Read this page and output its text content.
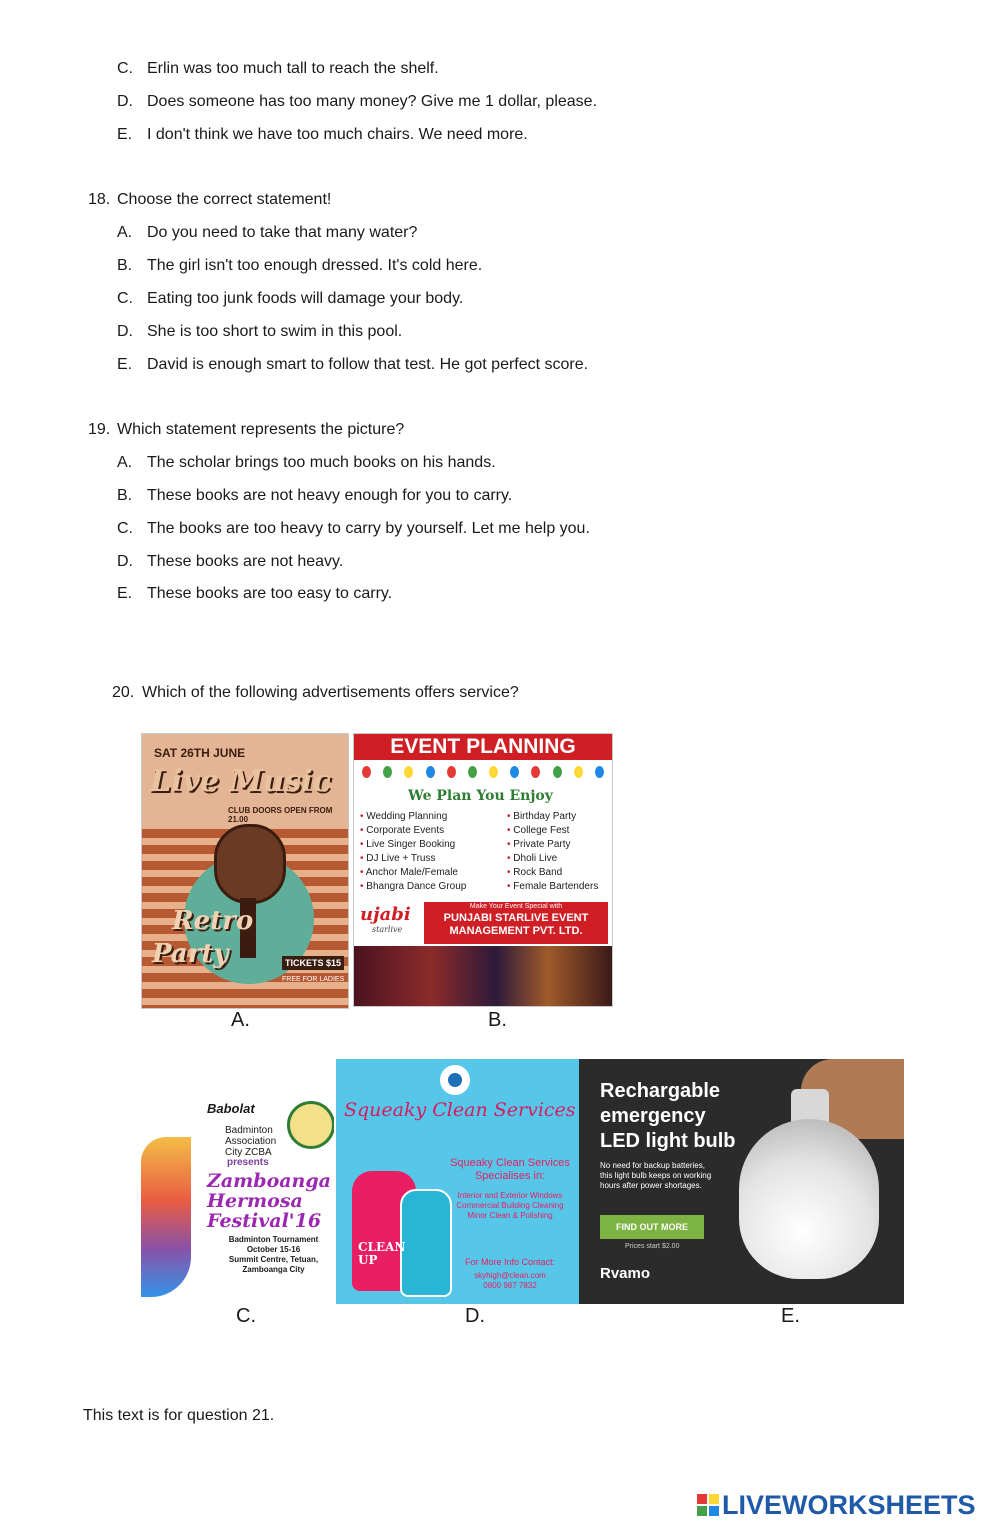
C. Erlin was too much tall to reach the shelf.
D. Does someone has too many money? Give me 1 dollar, please.
E. I don't think we have too much chairs. We need more.
18. Choose the correct statement!
A. Do you need to take that many water?
B. The girl isn't too enough dressed. It's cold here.
C. Eating too junk foods will damage your body.
D. She is too short to swim in this pool.
E. David is enough smart to follow that test. He got perfect score.
19. Which statement represents the picture?
A. The scholar brings too much books on his hands.
B. These books are not heavy enough for you to carry.
C. The books are too heavy to carry by yourself. Let me help you.
D. These books are not heavy.
E. These books are too easy to carry.
20. Which of the following advertisements offers service?
SAT 26TH JUNE
Live Music
CLUB DOORS OPEN FROM 21.00
Retro
Party	TICKETS $15
FREE FOR LADIES
EVENT PLANNING
We Plan You Enjoy
• Wedding Planning
• Corporate Events
• Live Singer Booking
• DJ Live + Truss
• Anchor Male/Female
• Bhangra Dance Group
• Birthday Party
• College Fest
• Private Party
• Dholi Live
• Rock Band
• Female Bartenders
ujabi
starlive
Make Your Event Special with
PUNJABI STARLIVE EVENT
MANAGEMENT PVT. LTD.
A.	B.
Babolat
Badminton
Association
City ZCBA
presents
Zamboanga
Hermosa
Festival'16
Badminton Tournament
October 15-16
Summit Centre, Tetuan, Zamboanga City
Squeaky Clean Services
CLEAN
UP
Squeaky Clean Services
Specialises in:
Interior and Exterior Windows
Commercial Building Cleaning
Minor Clean & Polishing
For More Info Contact:
skyhigh@clean.com
0800 987 7832
Rechargable
emergency
LED light bulb
No need for backup batteries,
this light bulb keeps on working
hours after power shortages.
FIND OUT MORE
Prices start $2.00
Rvamo
C.	D.	E.
This text is for question 21.
LIVEWORKSHEETS
